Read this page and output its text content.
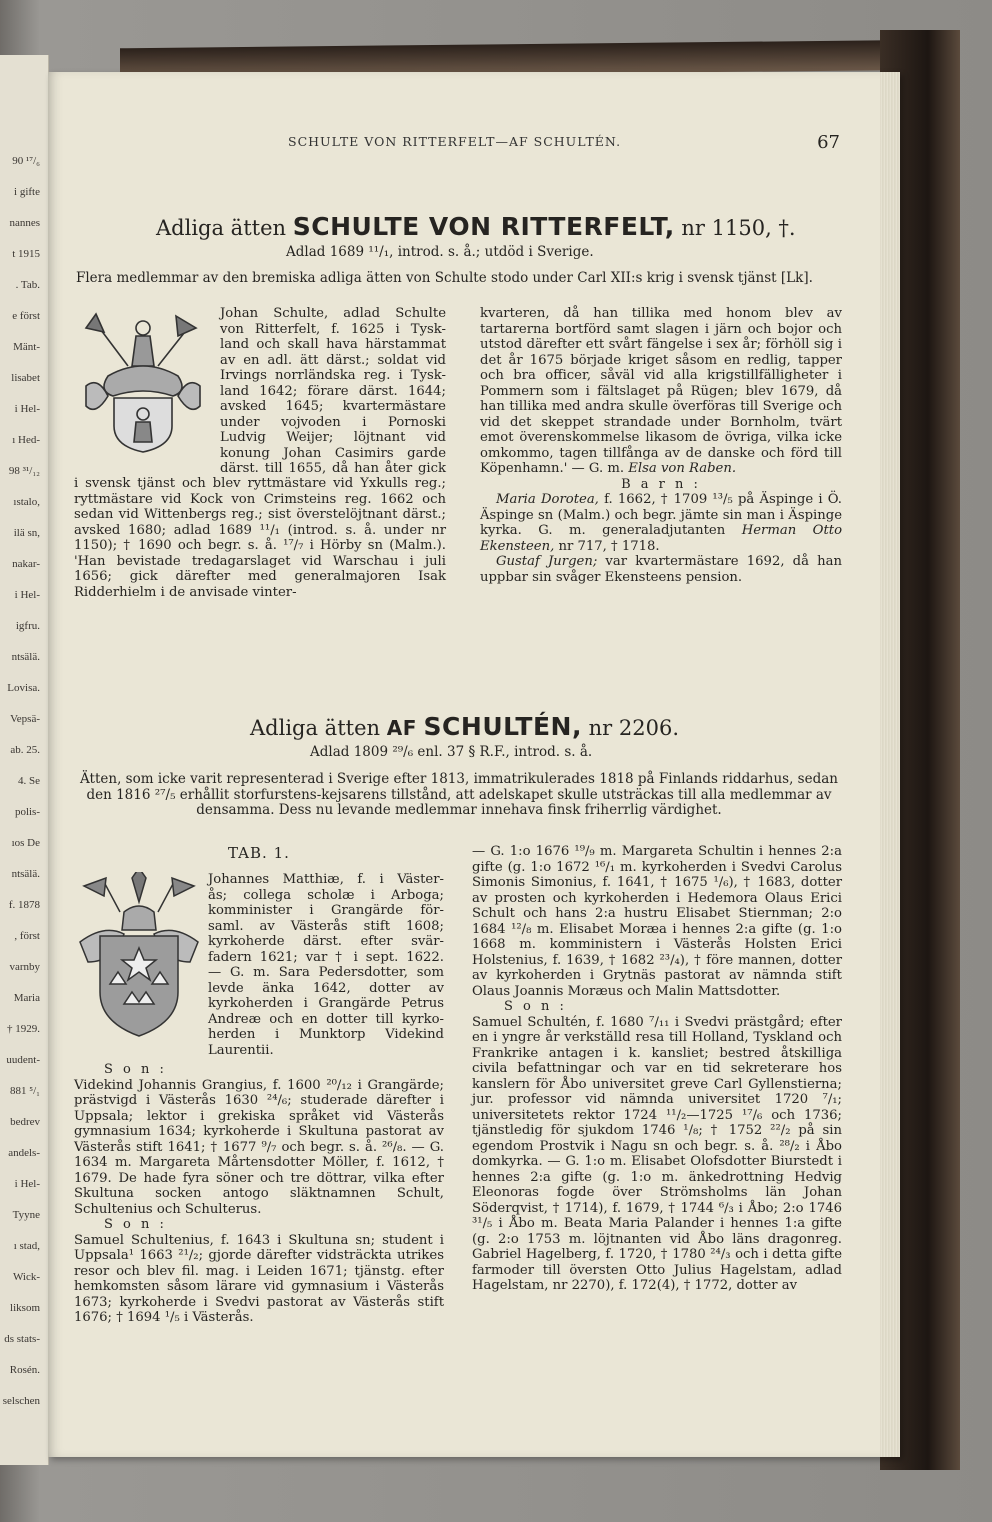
90 ¹⁷/₆
i gifte
nannes
t 1915
. Tab.
e först
Mänt-
lisabet
i Hel-
ı Hed-
98 ³¹/₁₂
ıstalo,
ilä sn,
nakar-
i Hel-
igfru.
ntsälä.
Lovisa.
Vepsä-
ab. 25.
4. Se
polis-
ıos De
ntsälä.
f. 1878
, först
varnby
Maria
† 1929.
uudent-
881 ⁵/₁
bedrev
andels-
i Hel-
Tyyne
ı stad,
Wick-
liksom
ds stats-
Rosén.
selschen
SCHULTE VON RITTERFELT—AF SCHULTÉN.	67
Adliga ätten SCHULTE VON RITTERFELT, nr 1150, †.
Adlad 1689 ¹¹/₁, introd. s. å.; utdöd i Sverige.
Flera medlemmar av den bremiska adliga ätten von Schulte stodo under Carl XII:s krig i svensk tjänst [Lk].
Johan Schulte, adlad Schulte
von Ritterfelt, f. 1625 i Tysk-
land och skall hava härstammat
av en adl. ätt därst.; soldat vid
Irvings norrländska reg. i Tysk-
land 1642; förare därst. 1644;
avsked 1645; kvartermästare
under vojvoden i Pornoski
Ludvig Weijer; löjtnant vid
konung Johan Casimirs garde
därst. till 1655, då han åter gick
i svensk tjänst och blev ryttmästare vid Yxkulls reg.; ryttmästare vid Kock von Crimsteins reg. 1662 och sedan vid Wittenbergs reg.; sist överstelöjtnant därst.; avsked 1680; adlad 1689 ¹¹/₁ (introd. s. å. under nr 1150); † 1690 och begr. s. å. ¹⁷/₇ i Hörby sn (Malm.). 'Han bevistade tredagarslaget vid Warschau i juli 1656; gick därefter med generalmajoren Isak Ridderhielm i de anvisade vinter-
kvarteren, då han tillika med honom blev av tartarerna bortförd samt slagen i järn och bojor och utstod därefter ett svårt fängelse i sex år; förhöll sig i det år 1675 började kriget såsom en redlig, tapper och bra officer, såväl vid alla krigstillfälligheter i Pommern som i fältslaget på Rügen; blev 1679, då han tillika med andra skulle överföras till Sverige och vid det skeppet strandade under Bornholm, tvärt emot överenskommelse likasom de övriga, vilka icke omkommo, tagen tillfånga av de danske och förd till Köpenhamn.' — G. m. Elsa von Raben.
B a r n :
Maria Dorotea, f. 1662, † 1709 ¹³/₅ på Äspinge i Ö. Äspinge sn (Malm.) och begr. jämte sin man i Äspinge kyrka. G. m. generaladjutanten Herman Otto Ekensteen, nr 717, † 1718.
Gustaf Jurgen; var kvartermästare 1692, då han uppbar sin svåger Ekensteens pension.
Adliga ätten AF SCHULTÉN, nr 2206.
Adlad 1809 ²⁹/₆ enl. 37 § R.F., introd. s. å.
Ätten, som icke varit representerad i Sverige efter 1813, immatrikulerades 1818 på Finlands riddarhus, sedan den 1816 ²⁷/₅ erhållit storfurstens-kejsarens tillstånd, att adelskapet skulle utsträckas till alla medlemmar av densamma. Dess nu levande medlemmar innehava finsk friherrlig värdighet.
TAB. 1.
Johannes Matthiæ, f. i Väster-
ås; collega scholæ i Arboga;
komminister i Grangärde för-
saml. av Västerås stift 1608;
kyrkoherde därst. efter svär-
fadern 1621; var † i sept. 1622.
— G. m. Sara Pedersdotter, som
levde änka 1642, dotter av
kyrkoherden i Grangärde Petrus
Andreæ och en dotter till kyrko-
herden i Munktorp Videkind
Laurentii.
S o n :
Videkind Johannis Grangius, f. 1600 ²⁰/₁₂ i Grangärde; prästvigd i Västerås 1630 ²⁴/₆; studerade därefter i Uppsala; lektor i grekiska språket vid Västerås gymnasium 1634; kyrkoherde i Skultuna pastorat av Västerås stift 1641; † 1677 ⁹/₇ och begr. s. å. ²⁶/₈. — G. 1634 m. Margareta Mårtensdotter Möller, f. 1612, † 1679. De hade fyra söner och tre döttrar, vilka efter Skultuna socken antogo släktnamnen Schult, Schultenius och Schulterus.
S o n :
Samuel Schultenius, f. 1643 i Skultuna sn; student i Uppsala¹ 1663 ²¹/₂; gjorde därefter vidsträckta utrikes resor och blev fil. mag. i Leiden 1671; tjänstg. efter hemkomsten såsom lärare vid gymnasium i Västerås 1673; kyrkoherde i Svedvi pastorat av Västerås stift 1676; † 1694 ¹/₅ i Västerås.
— G. 1:o 1676 ¹⁹/₉ m. Margareta Schultin i hennes 2:a gifte (g. 1:o 1672 ¹⁶/₁ m. kyrkoherden i Svedvi Carolus Simonis Simonius, f. 1641, † 1675 ¹/₆), † 1683, dotter av prosten och kyrkoherden i Hedemora Olaus Erici Schult och hans 2:a hustru Elisabet Stiernman; 2:o 1684 ¹²/₈ m. Elisabet Moræa i hennes 2:a gifte (g. 1:o 1668 m. komministern i Västerås Holsten Erici Holstenius, f. 1639, † 1682 ²³/₄), † före mannen, dotter av kyrkoherden i Grytnäs pastorat av nämnda stift Olaus Joannis Moræus och Malin Mattsdotter.
S o n :
Samuel Schultén, f. 1680 ⁷/₁₁ i Svedvi prästgård; efter en i yngre år verkställd resa till Holland, Tyskland och Frankrike antagen i k. kansliet; bestred åtskilliga civila befattningar och var en tid sekreterare hos kanslern för Åbo universitet greve Carl Gyllenstierna; jur. professor vid nämnda universitet 1720 ⁷/₁; universitetets rektor 1724 ¹¹/₂—1725 ¹⁷/₆ och 1736; tjänstledig för sjukdom 1746 ¹/₈; † 1752 ²²/₂ på sin egendom Prostvik i Nagu sn och begr. s. å. ²⁸/₂ i Åbo domkyrka. — G. 1:o m. Elisabet Olofsdotter Biurstedt i hennes 2:a gifte (g. 1:o m. änkedrottning Hedvig Eleonoras fogde över Strömsholms län Johan Söderqvist, † 1714), f. 1679, † 1744 ⁶/₃ i Åbo; 2:o 1746 ³¹/₅ i Åbo m. Beata Maria Palander i hennes 1:a gifte (g. 2:o 1753 m. löjtnanten vid Åbo läns dragonreg. Gabriel Hagelberg, f. 1720, † 1780 ²⁴/₃ och i detta gifte farmoder till översten Otto Julius Hagelstam, adlad Hagelstam, nr 2270), f. 172(4), † 1772, dotter av
